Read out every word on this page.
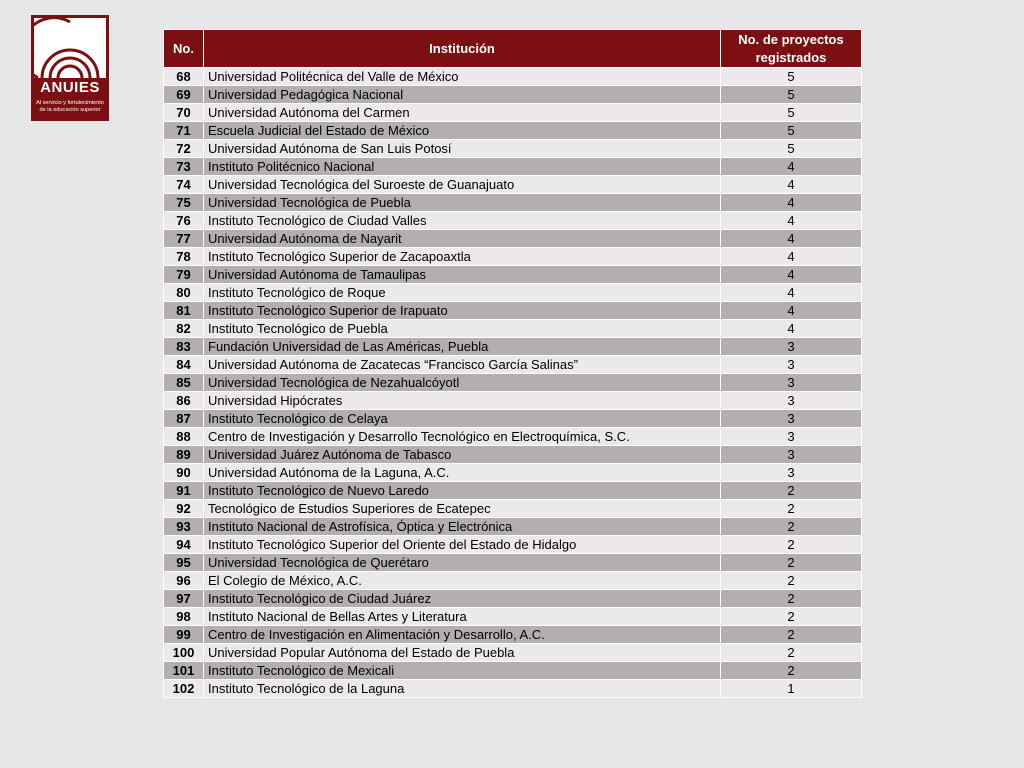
ANUIES
Al servicio y fortalecimiento
de la educación superior
No.	Institución	No. de proyectos registrados
68	Universidad Politécnica del Valle de México	5
69	Universidad Pedagógica Nacional	5
70	Universidad Autónoma del Carmen	5
71	Escuela Judicial del Estado de México	5
72	Universidad Autónoma de San Luis Potosí	5
73	Instituto Politécnico Nacional	4
74	Universidad Tecnológica del Suroeste de Guanajuato	4
75	Universidad Tecnológica de Puebla	4
76	Instituto Tecnológico de Ciudad Valles	4
77	Universidad Autónoma de Nayarit	4
78	Instituto Tecnológico Superior de Zacapoaxtla	4
79	Universidad Autónoma de Tamaulipas	4
80	Instituto Tecnológico de Roque	4
81	Instituto Tecnológico Superior de Irapuato	4
82	Instituto Tecnológico de Puebla	4
83	Fundación Universidad de Las Américas, Puebla	3
84	Universidad Autónoma de Zacatecas “Francisco García Salinas”	3
85	Universidad Tecnológica de Nezahualcóyotl	3
86	Universidad Hipócrates	3
87	Instituto Tecnológico de Celaya	3
88	Centro de Investigación y Desarrollo Tecnológico en Electroquímica, S.C.	3
89	Universidad Juárez Autónoma de Tabasco	3
90	Universidad Autónoma de la Laguna, A.C.	3
91	Instituto Tecnológico de Nuevo Laredo	2
92	Tecnológico de Estudios Superiores de Ecatepec	2
93	Instituto Nacional de Astrofísica, Óptica y Electrónica	2
94	Instituto Tecnológico Superior del Oriente del Estado de Hidalgo	2
95	Universidad Tecnológica de Querétaro	2
96	El Colegio de México, A.C.	2
97	Instituto Tecnológico de Ciudad Juárez	2
98	Instituto Nacional de Bellas Artes y Literatura	2
99	Centro de Investigación en Alimentación y Desarrollo, A.C.	2
100	Universidad Popular Autónoma del Estado de Puebla	2
101	Instituto Tecnológico de Mexicali	2
102	Instituto Tecnológico de la Laguna	1
